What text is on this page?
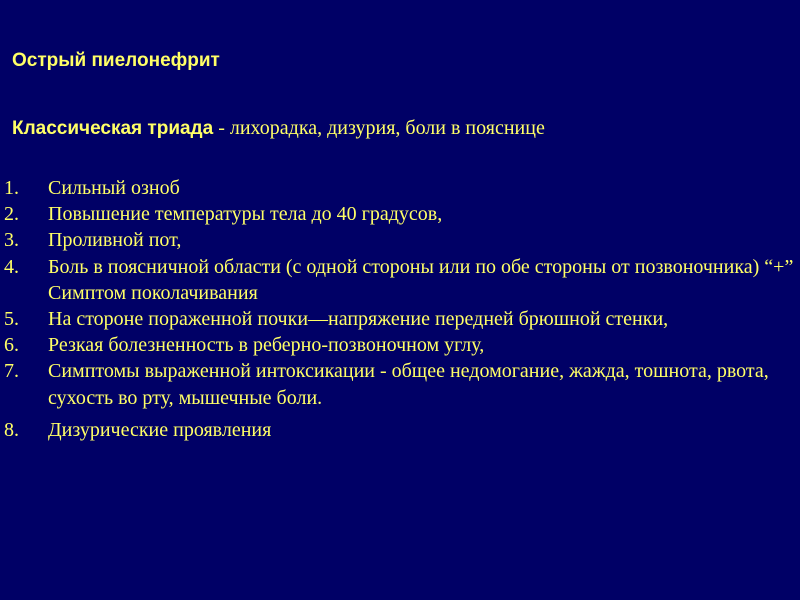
Острый пиелонефрит
Классическая триада - лихорадка, дизурия, боли в пояснице
1.	Сильный озноб
2.	Повышение температуры тела до 40 градусов,
3.	Проливной пот,
4.	Боль в поясничной области (с одной стороны или по обе стороны от позвоночника) “+” Симптом поколачивания
5.	На стороне пораженной почки—напряжение передней брюшной стенки,
6.	Резкая болезненность в реберно-позвоночном углу,
7.	Симптомы выраженной интоксикации - общее недомогание, жажда, тошнота, рвота, сухость во рту, мышечные боли.
8.	Дизурические проявления
